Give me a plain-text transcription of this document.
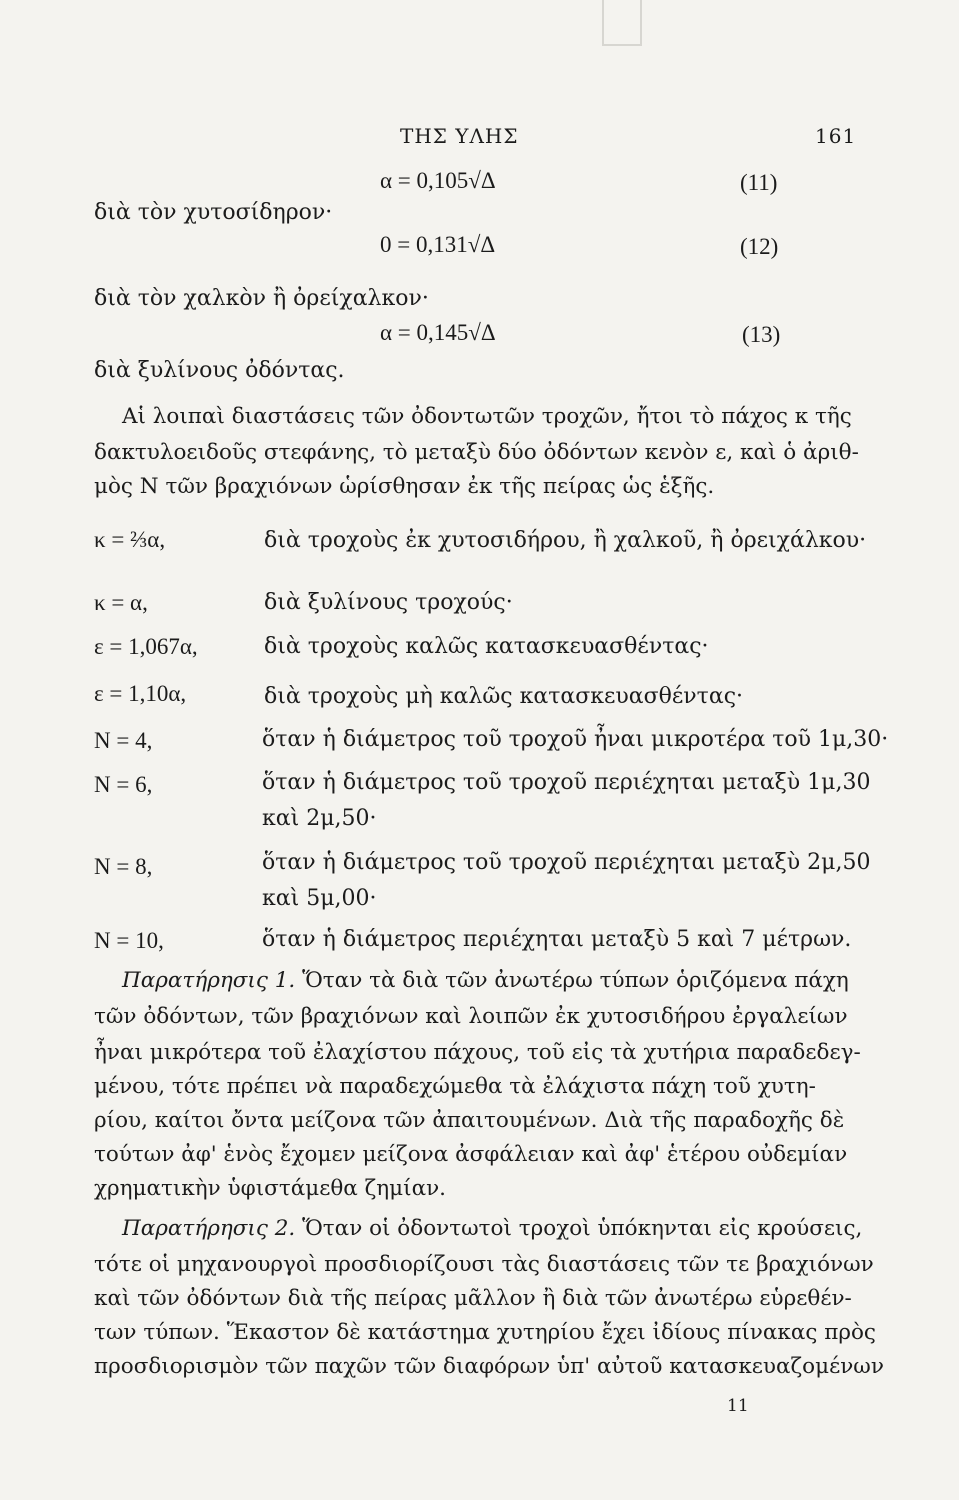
ΤΗΣ ΥΛΗΣ	161
α = 0,105√Δ	(11)
διὰ τὸν χυτοσίδηρον·
0 = 0,131√Δ	(12)
διὰ τὸν χαλκὸν ἢ ὀρείχαλκον·
α = 0,145√Δ	(13)
διὰ ξυλίνους ὀδόντας.
Αἱ λοιπαὶ διαστάσεις τῶν ὀδοντωτῶν τροχῶν, ἤτοι τὸ πάχος κ τῆς
δακτυλοειδοῦς στεφάνης, τὸ μεταξὺ δύο ὀδόντων κενὸν ε, καὶ ὁ ἀριθ-
μὸς Ν τῶν βραχιόνων ὡρίσθησαν ἐκ τῆς πείρας ὡς ἑξῆς.
κ = ⅔α,	διὰ τροχοὺς ἐκ χυτοσιδήρου, ἢ χαλκοῦ, ἢ ὀρειχάλκου·
κ = α,	διὰ ξυλίνους τροχούς·
ε = 1,067α,	διὰ τροχοὺς καλῶς κατασκευασθέντας·
ε = 1,10α,	διὰ τροχοὺς μὴ καλῶς κατασκευασθέντας·
N = 4,	ὅταν ἡ διάμετρος τοῦ τροχοῦ ἦναι μικροτέρα τοῦ 1μ,30·
N = 6,	ὅταν ἡ διάμετρος τοῦ τροχοῦ περιέχηται μεταξὺ 1μ,30
καὶ 2μ,50·
N = 8,	ὅταν ἡ διάμετρος τοῦ τροχοῦ περιέχηται μεταξὺ 2μ,50
καὶ 5μ,00·
N = 10,	ὅταν ἡ διάμετρος περιέχηται μεταξὺ 5 καὶ 7 μέτρων.
Παρατήρησις 1. Ὅταν τὰ διὰ τῶν ἀνωτέρω τύπων ὁριζόμενα πάχη
τῶν ὀδόντων, τῶν βραχιόνων καὶ λοιπῶν ἐκ χυτοσιδήρου ἐργαλείων
ἦναι μικρότερα τοῦ ἐλαχίστου πάχους, τοῦ εἰς τὰ χυτήρια παραδεδεγ-
μένου, τότε πρέπει νὰ παραδεχώμεθα τὰ ἐλάχιστα πάχη τοῦ χυτη-
ρίου, καίτοι ὄντα μείζονα τῶν ἀπαιτουμένων. Διὰ τῆς παραδοχῆς δὲ
τούτων ἀφ' ἑνὸς ἔχομεν μείζονα ἀσφάλειαν καὶ ἀφ' ἑτέρου οὐδεμίαν
χρηματικὴν ὑφιστάμεθα ζημίαν.
Παρατήρησις 2. Ὅταν οἱ ὀδοντωτοὶ τροχοὶ ὑπόκηνται εἰς κρούσεις,
τότε οἱ μηχανουργοὶ προσδιορίζουσι τὰς διαστάσεις τῶν τε βραχιόνων
καὶ τῶν ὀδόντων διὰ τῆς πείρας μᾶλλον ἢ διὰ τῶν ἀνωτέρω εὑρεθέν-
των τύπων. Ἕκαστον δὲ κατάστημα χυτηρίου ἔχει ἰδίους πίνακας πρὸς
προσδιορισμὸν τῶν παχῶν τῶν διαφόρων ὑπ' αὐτοῦ κατασκευαζομένων
11
